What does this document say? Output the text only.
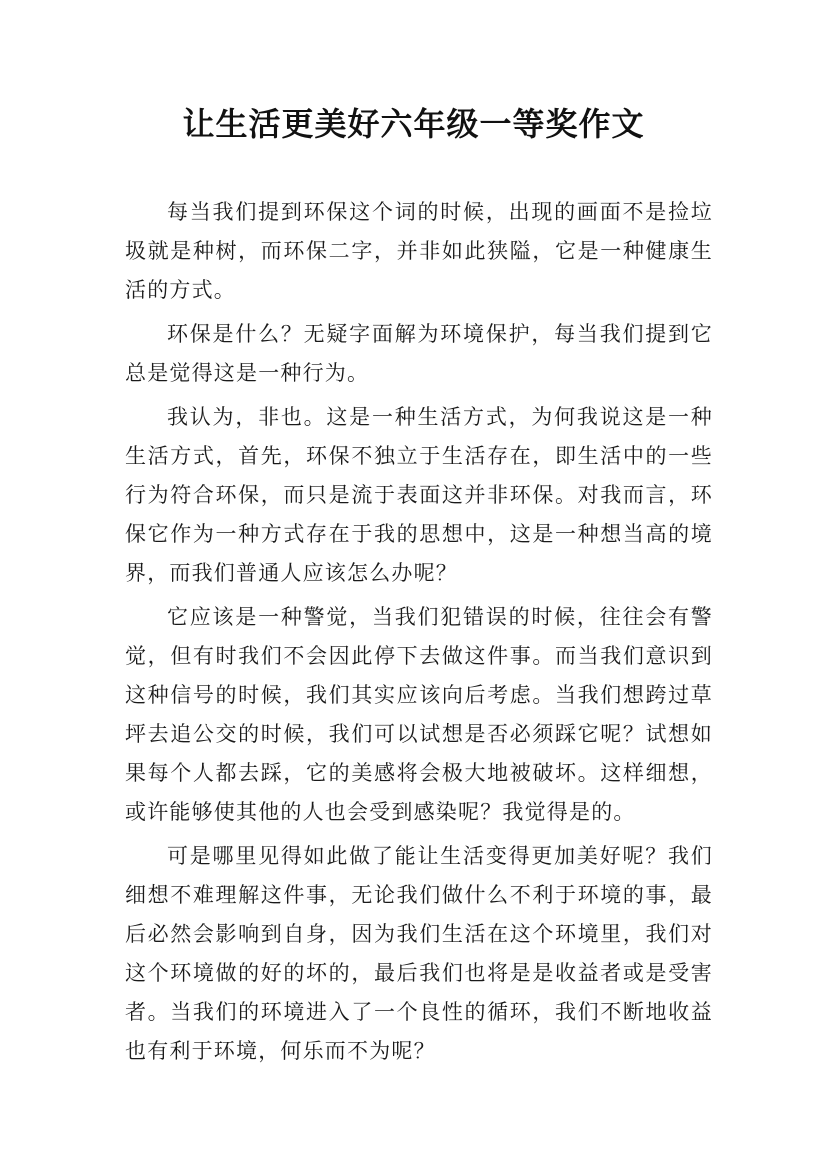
让生活更美好六年级一等奖作文

每当我们提到环保这个词的时候，出现的画面不是捡垃圾就是种树，而环保二字，并非如此狭隘，它是一种健康生活的方式。

环保是什么？无疑字面解为环境保护，每当我们提到它总是觉得这是一种行为。

我认为，非也。这是一种生活方式，为何我说这是一种生活方式，首先，环保不独立于生活存在，即生活中的一些行为符合环保，而只是流于表面这并非环保。对我而言，环保它作为一种方式存在于我的思想中，这是一种想当高的境界，而我们普通人应该怎么办呢？

它应该是一种警觉，当我们犯错误的时候，往往会有警觉，但有时我们不会因此停下去做这件事。而当我们意识到这种信号的时候，我们其实应该向后考虑。当我们想跨过草坪去追公交的时候，我们可以试想是否必须踩它呢？试想如果每个人都去踩，它的美感将会极大地被破坏。这样细想，或许能够使其他的人也会受到感染呢？我觉得是的。

可是哪里见得如此做了能让生活变得更加美好呢？我们细想不难理解这件事，无论我们做什么不利于环境的事，最后必然会影响到自身，因为我们生活在这个环境里，我们对这个环境做的好的坏的，最后我们也将是是收益者或是受害者。当我们的环境进入了一个良性的循环，我们不断地收益也有利于环境，何乐而不为呢？
